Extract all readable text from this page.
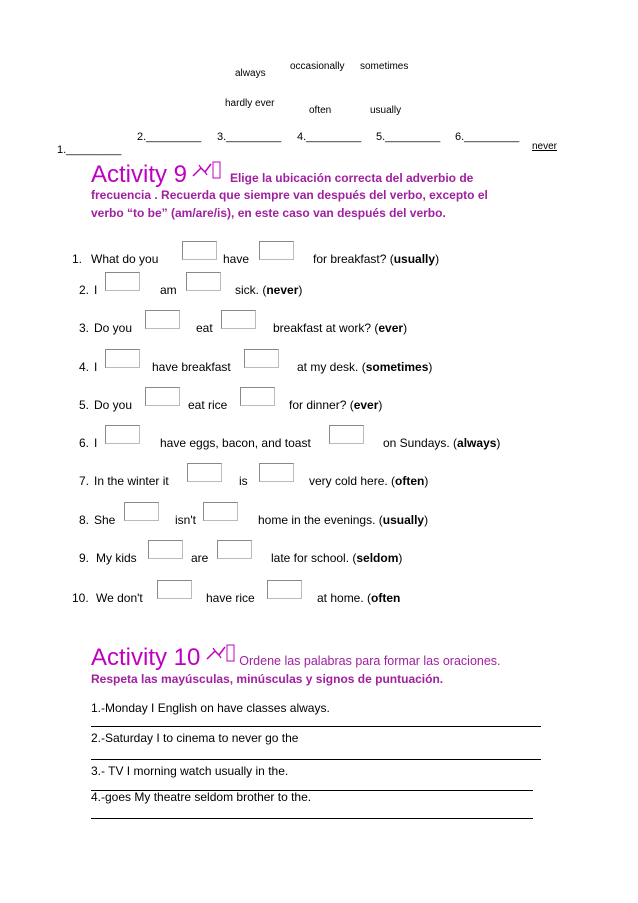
always
occasionally sometimes
hardly ever
often	usually
1._________
2._________ 3._________ 4._________ 5._________ 6._________
never
Activity 9	Elige la ubicación correcta del adverbio de
frecuencia . Recuerda que siempre van después del verbo, excepto el
verbo “to be” (am/are/is), en este caso van después del verbo.
1. What do you	have	for breakfast? (usually)
2. I	am	sick. (never)
3. Do you	eat	breakfast at work? (ever)
4. I	have breakfast	at my desk. (sometimes)
5. Do you	eat rice	for dinner? (ever)
6. I	have eggs, bacon, and toast	on Sundays. (always)
7. In the winter it	is	very cold here. (often)
8. She	isn't	home in the evenings. (usually)
9. My kids	are	late for school. (seldom)
10. We don't	have rice	at home. (often
Activity 10	Ordene las palabras para formar las oraciones.
Respeta las mayúsculas, minúsculas y signos de puntuación.
1.-Monday I English on have classes always.
2.-Saturday I to cinema to never go the
3.- TV I morning watch usually in the.
4.-goes My theatre seldom brother to the.
